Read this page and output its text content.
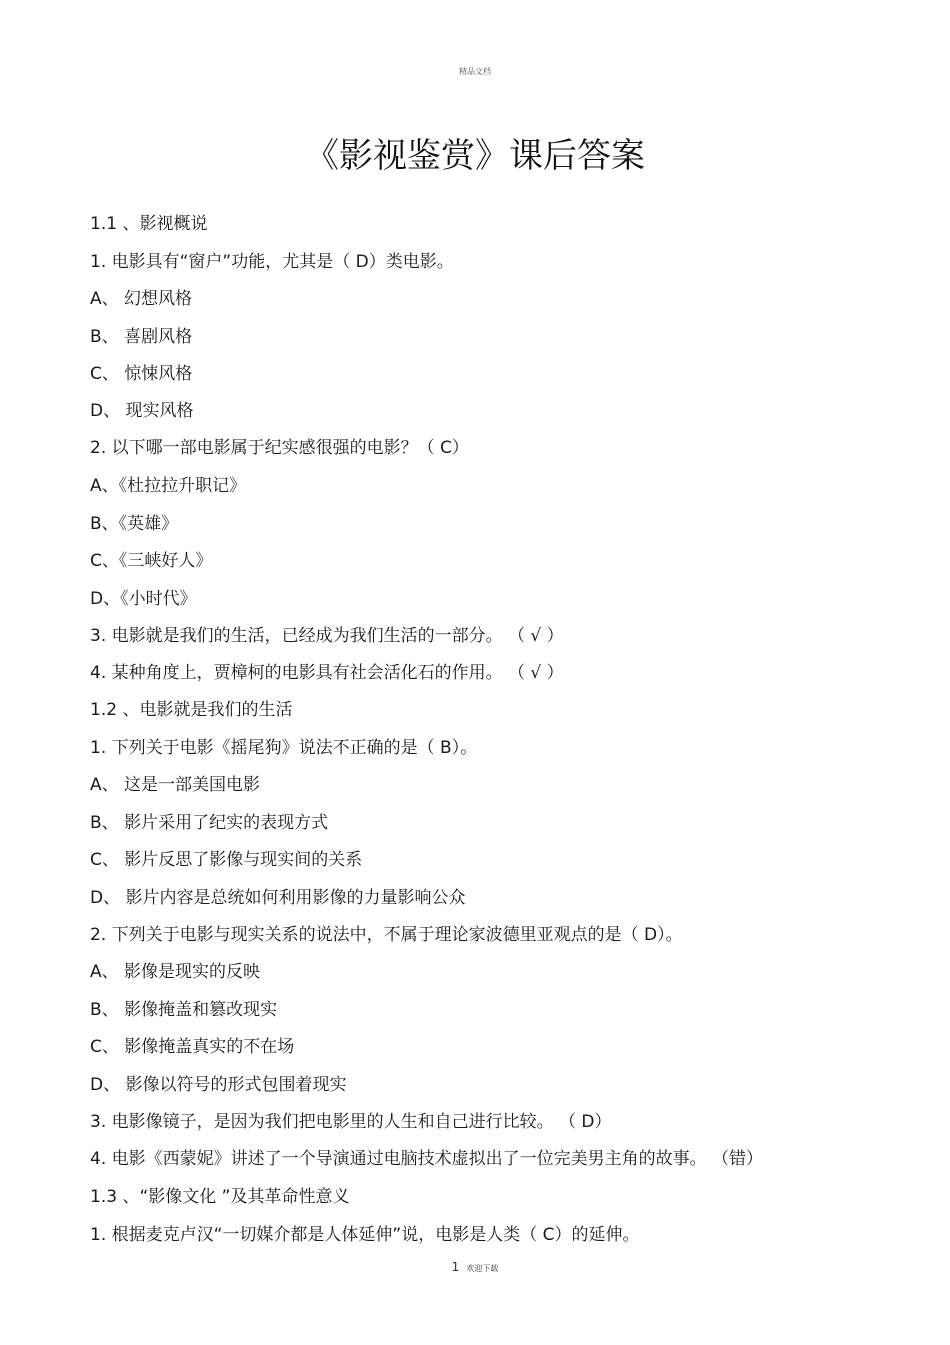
精品文档
《影视鉴赏》课后答案
1.1 、影视概说
1. 电影具有“窗户”功能，尤其是（ D）类电影。
A、 幻想风格
B、 喜剧风格
C、 惊悚风格
D、 现实风格
2. 以下哪一部电影属于纪实感很强的电影？（ C）
A、《杜拉拉升职记》
B、《英雄》
C、《三峡好人》
D、《小时代》
3. 电影就是我们的生活，已经成为我们生活的一部分。 （ √ ）
4. 某种角度上，贾樟柯的电影具有社会活化石的作用。 （ √ ）
1.2 、电影就是我们的生活
1. 下列关于电影《摇尾狗》说法不正确的是（ B）。
A、 这是一部美国电影
B、 影片采用了纪实的表现方式
C、 影片反思了影像与现实间的关系
D、 影片内容是总统如何利用影像的力量影响公众
2. 下列关于电影与现实关系的说法中，不属于理论家波德里亚观点的是（ D）。
A、 影像是现实的反映
B、 影像掩盖和篡改现实
C、 影像掩盖真实的不在场
D、 影像以符号的形式包围着现实
3. 电影像镜子，是因为我们把电影里的人生和自己进行比较。 （ D）
4. 电影《西蒙妮》讲述了一个导演通过电脑技术虚拟出了一位完美男主角的故事。 （错）
1.3 、“影像文化 ”及其革命性意义
1. 根据麦克卢汉“一切媒介都是人体延伸”说，电影是人类（ C）的延伸。
1 欢迎下载
